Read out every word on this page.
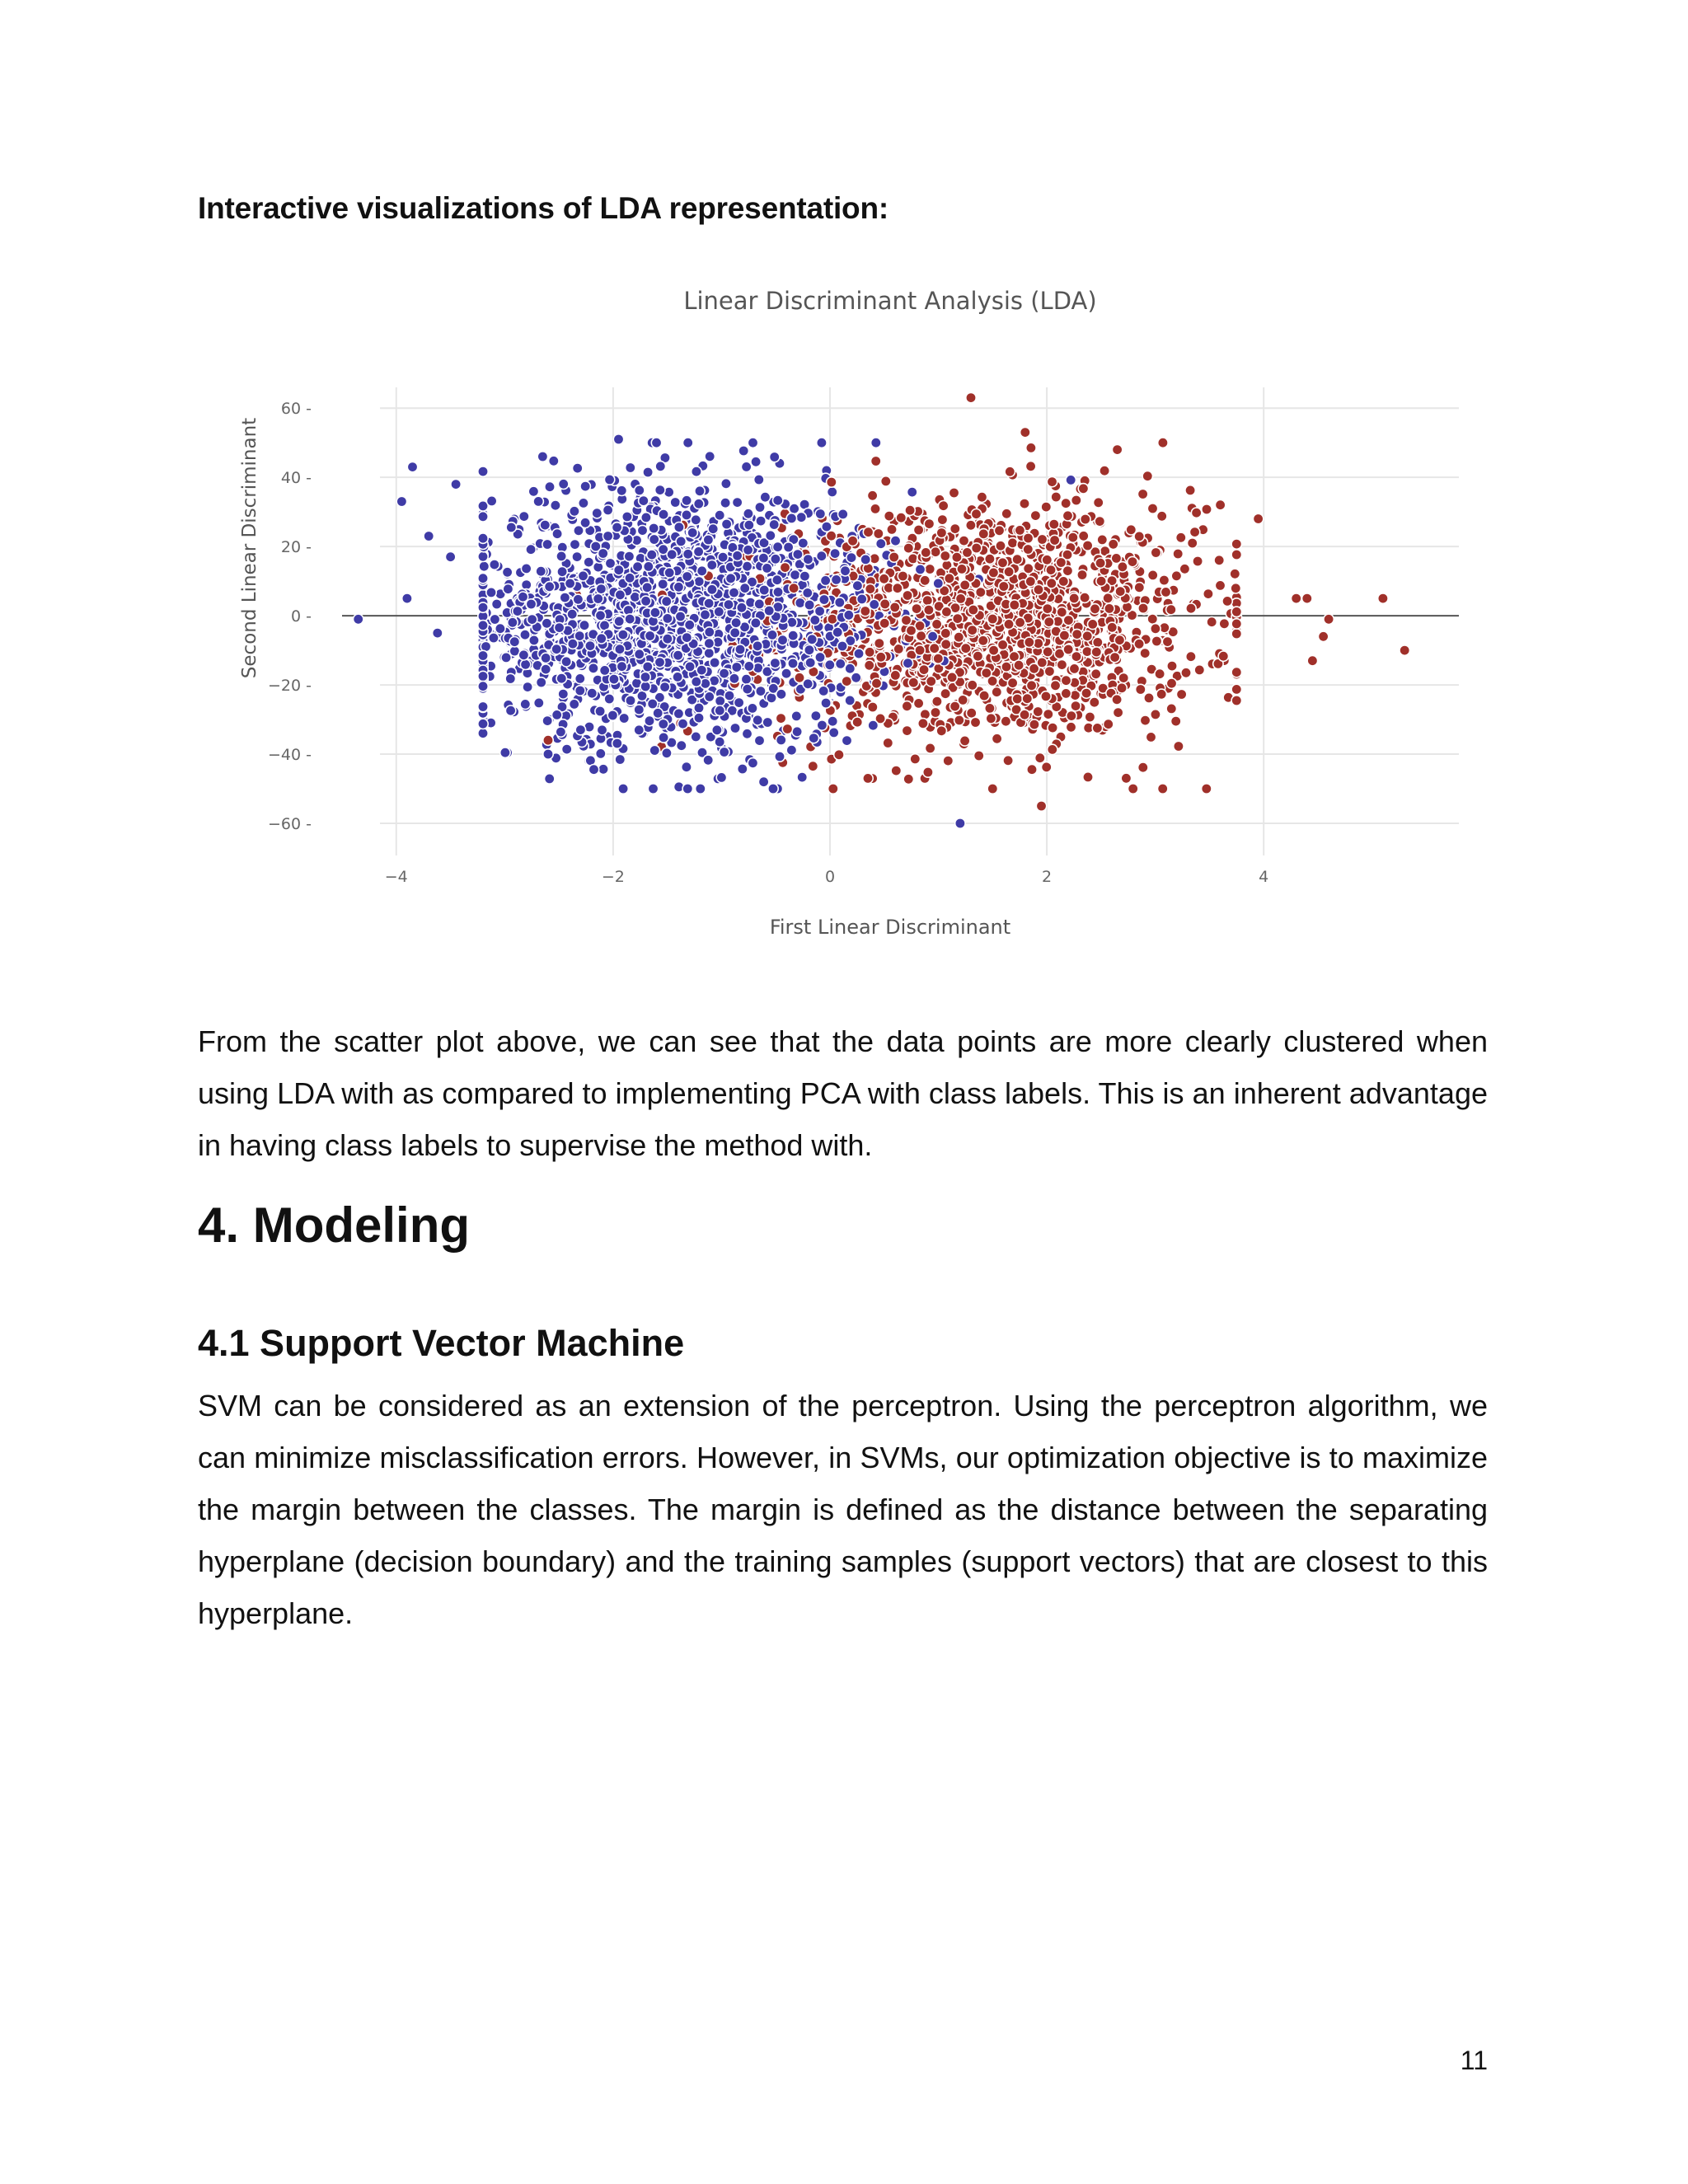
Interactive visualizations of LDA representation:

−4	−2	0	2	4
60 -
40 -
20 -
0 -
−20 -
−40 -
−60 -
Linear Discriminant Analysis (LDA)
First Linear Discriminant
Second Linear Discriminant

From the scatter plot above, we can see that the data points are more clearly clustered when using LDA with as compared to implementing PCA with class labels. This is an inherent advantage in having class labels to supervise the method with.

4. Modeling
4.1 Support Vector Machine

SVM can be considered as an extension of the perceptron. Using the perceptron algorithm, we can minimize misclassification errors. However, in SVMs, our optimization objective is to maximize the margin between the classes. The margin is defined as the distance between the separating hyperplane (decision boundary) and the training samples (support vectors) that are closest to this hyperplane.

11
